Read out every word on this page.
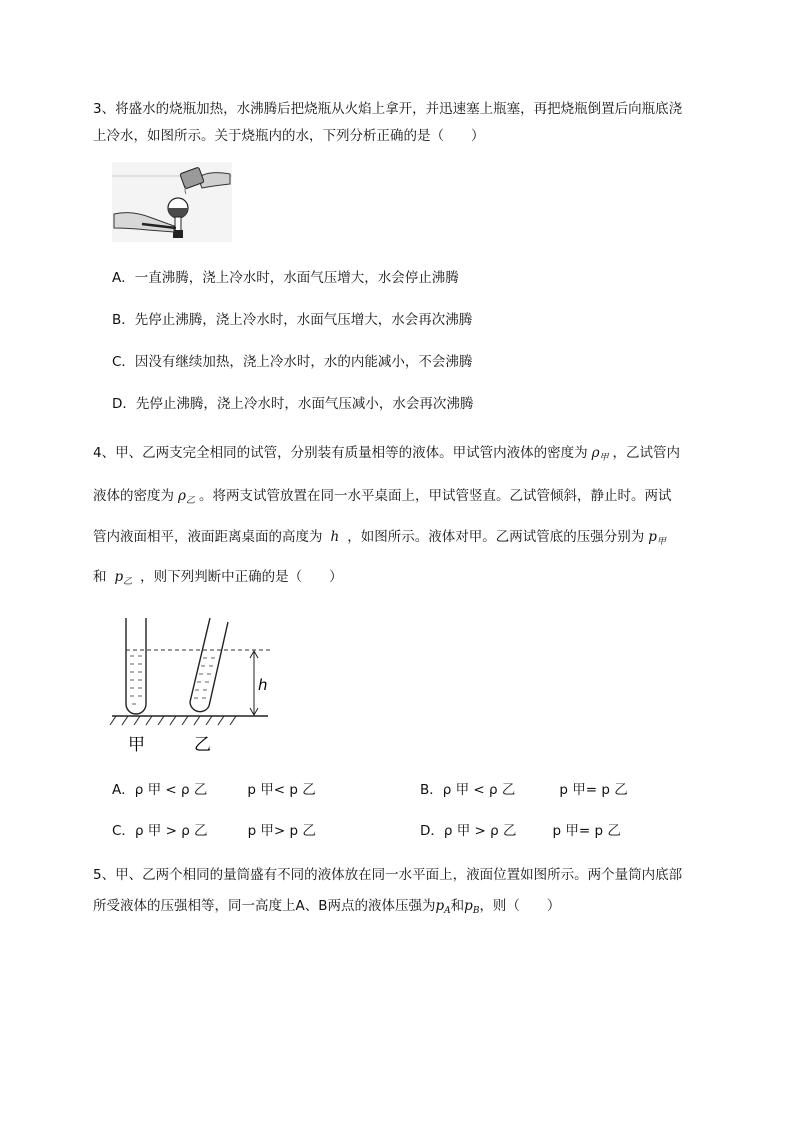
3、将盛水的烧瓶加热，水沸腾后把烧瓶从火焰上拿开，并迅速塞上瓶塞，再把烧瓶倒置后向瓶底浇
上冷水，如图所示。关于烧瓶内的水，下列分析正确的是（　　）
A．一直沸腾，浇上冷水时，水面气压增大，水会停止沸腾
B．先停止沸腾，浇上冷水时，水面气压增大，水会再次沸腾
C．因没有继续加热，浇上冷水时，水的内能减小，不会沸腾
D．先停止沸腾，浇上冷水时，水面气压减小，水会再次沸腾
4、甲、乙两支完全相同的试管，分别装有质量相等的液体。甲试管内液体的密度为 $\rho_甲$ ，乙试管内
液体的密度为 $\rho_乙$ 。将两支试管放置在同一水平桌面上，甲试管竖直。乙试管倾斜，静止时。两试
管内液面相平，液面距离桌面的高度为 h ，如图所示。液体对甲。乙两试管底的压强分别为 $p_甲$
和 $p_乙$ ，则下列判断中正确的是（　　）
h
甲	乙
A．ρ 甲 < ρ 乙	p 甲< p 乙	B．ρ 甲 < ρ 乙	p 甲= p 乙
C．ρ 甲 > ρ 乙	p 甲> p 乙	D．ρ 甲 > ρ 乙	p 甲= p 乙
5、甲、乙两个相同的量筒盛有不同的液体放在同一水平面上，液面位置如图所示。两个量筒内底部
所受液体的压强相等，同一高度上A、B两点的液体压强为$p_A$和$p_B$，则（　　）
